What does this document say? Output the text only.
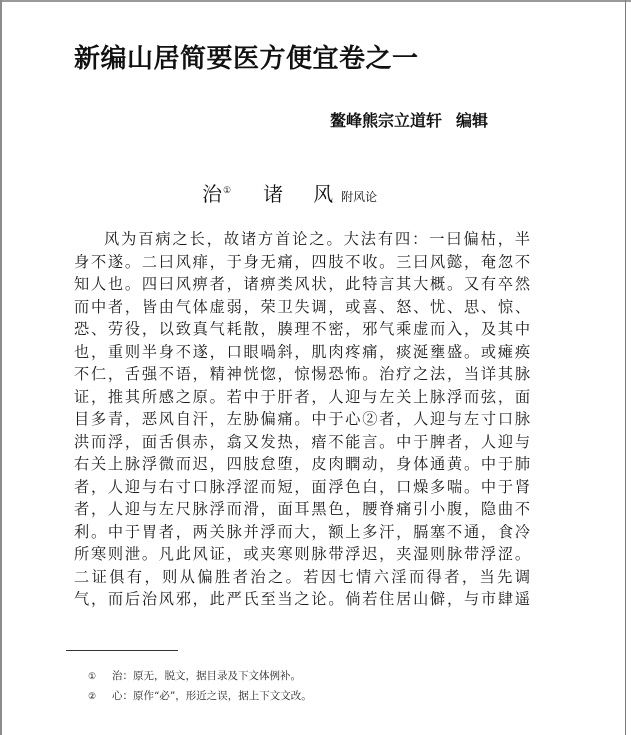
新编山居简要医方便宜卷之一
鳌峰熊宗立道轩 编辑
治① 诸 风 附风论
风为百病之长，故诸方首论之。大法有四：一曰偏枯，半
身不遂。二曰风痱，于身无痛，四肢不收。三曰风懿，奄忽不
知人也。四曰风痹者，诸痹类风状，此特言其大概。又有卒然
而中者，皆由气体虚弱，荣卫失调，或喜、怒、忧、思、惊、
恐、劳役，以致真气耗散，腠理不密，邪气乘虚而入，及其中
也，重则半身不遂，口眼喎斜，肌肉疼痛，痰涎壅盛。或瘫痪
不仁，舌强不语，精神恍惚，惊惕恐怖。治疗之法，当详其脉
证，推其所感之原。若中于肝者，人迎与左关上脉浮而弦，面
目多青，恶风自汗，左胁偏痛。中于心②者，人迎与左寸口脉
洪而浮，面舌俱赤，翕又发热，瘖不能言。中于脾者，人迎与
右关上脉浮微而迟，四肢怠堕，皮肉瞤动，身体通黄。中于肺
者，人迎与右寸口脉浮涩而短，面浮色白，口燥多喘。中于肾
者，人迎与左尺脉浮而滑，面耳黑色，腰脊痛引小腹，隐曲不
利。中于胃者，两关脉并浮而大，额上多汗，膈塞不通，食冷
所寒则泄。凡此风证，或夹寒则脉带浮迟，夹湿则脉带浮涩。
二证俱有，则从偏胜者治之。若因七情六淫而得者，当先调
气，而后治风邪，此严氏至当之论。倘若住居山僻，与市肆遥
① 治：原无，脱文，据目录及下文体例补。
② 心：原作“必”，形近之误，据上下文文改。
